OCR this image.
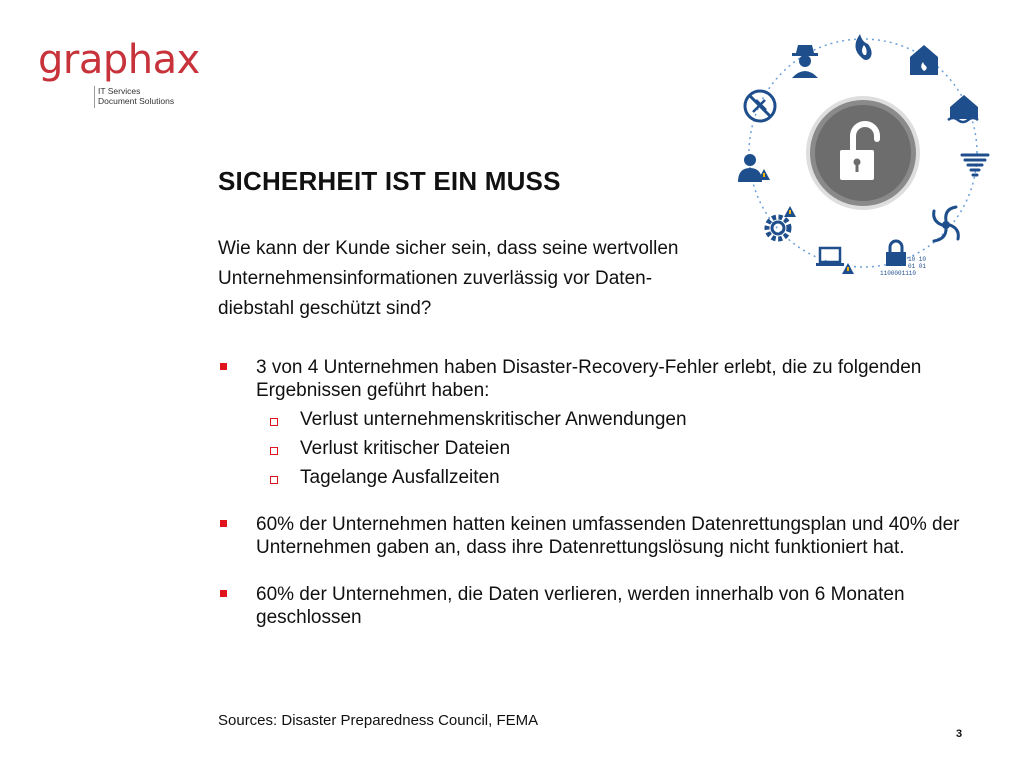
graphax
IT Services
Document Solutions
10 10
01 01
1100001110
SICHERHEIT IST EIN MUSS
Wie kann der Kunde sicher sein, dass seine wertvollen
Unternehmensinformationen zuverlässig vor Daten-
diebstahl geschützt sind?
3 von 4 Unternehmen haben Disaster-Recovery-Fehler erlebt, die zu folgenden Ergebnissen geführt haben:
Verlust unternehmenskritischer Anwendungen
Verlust kritischer Dateien
Tagelange Ausfallzeiten
60% der Unternehmen hatten keinen umfassenden Datenrettungsplan und 40% der Unternehmen gaben an, dass ihre Datenrettungslösung nicht funktioniert hat.
60% der Unternehmen, die Daten verlieren, werden innerhalb von 6 Monaten geschlossen
Sources: Disaster Preparedness Council, FEMA
3
